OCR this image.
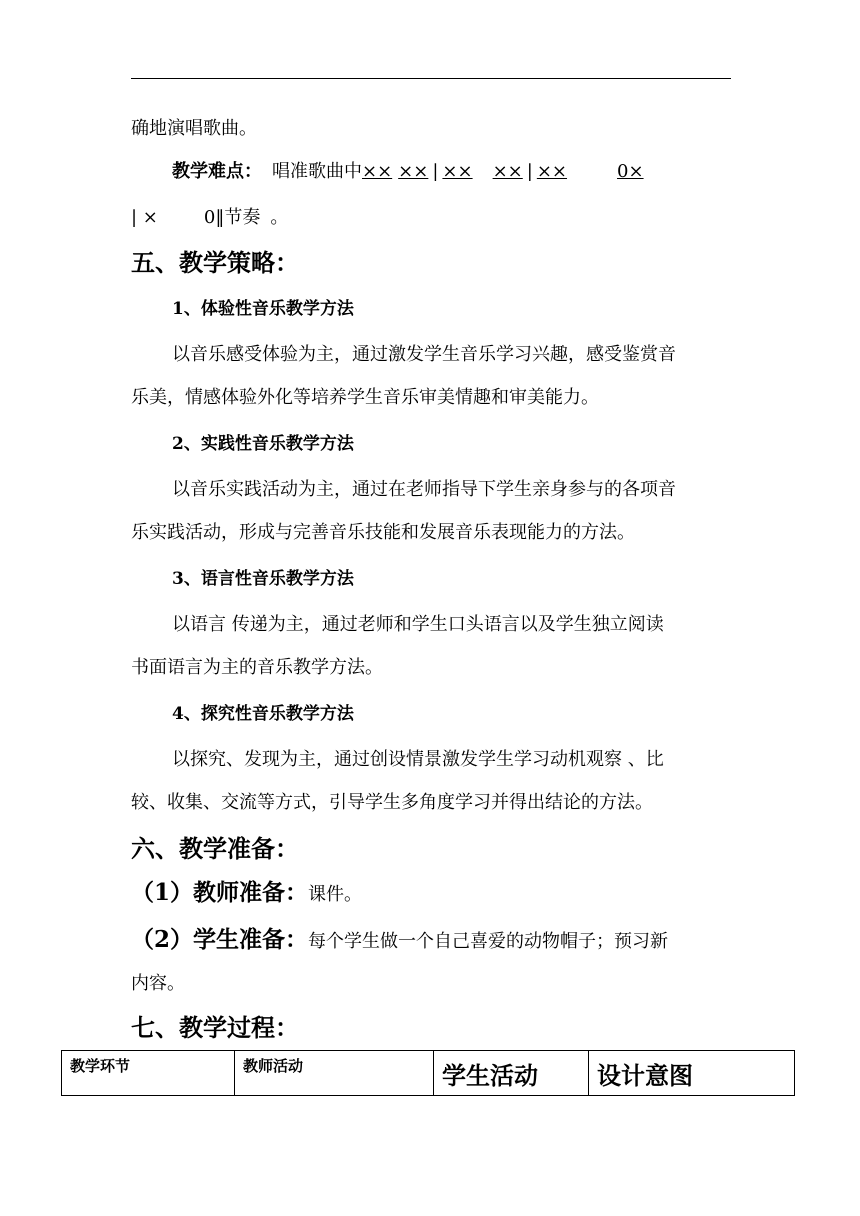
确地演唱歌曲。
教学难点： 唱准歌曲中×× ×× | ×× ×× | ××	0×
| ×	0‖节奏 。
五、教学策略：
1、体验性音乐教学方法
以音乐感受体验为主，通过激发学生音乐学习兴趣，感受鉴赏音
乐美，情感体验外化等培养学生音乐审美情趣和审美能力。
2、实践性音乐教学方法
以音乐实践活动为主，通过在老师指导下学生亲身参与的各项音
乐实践活动，形成与完善音乐技能和发展音乐表现能力的方法。
3、语言性音乐教学方法
以语言 传递为主，通过老师和学生口头语言以及学生独立阅读
书面语言为主的音乐教学方法。
4、探究性音乐教学方法
以探究、发现为主，通过创设情景激发学生学习动机观察 、比
较、收集、交流等方式，引导学生多角度学习并得出结论的方法。
六、教学准备：
（1）教师准备：课件。
（2）学生准备：每个学生做一个自己喜爱的动物帽子；预习新
内容。
七、教学过程：
教学环节	教师活动	学生活动	设计意图
